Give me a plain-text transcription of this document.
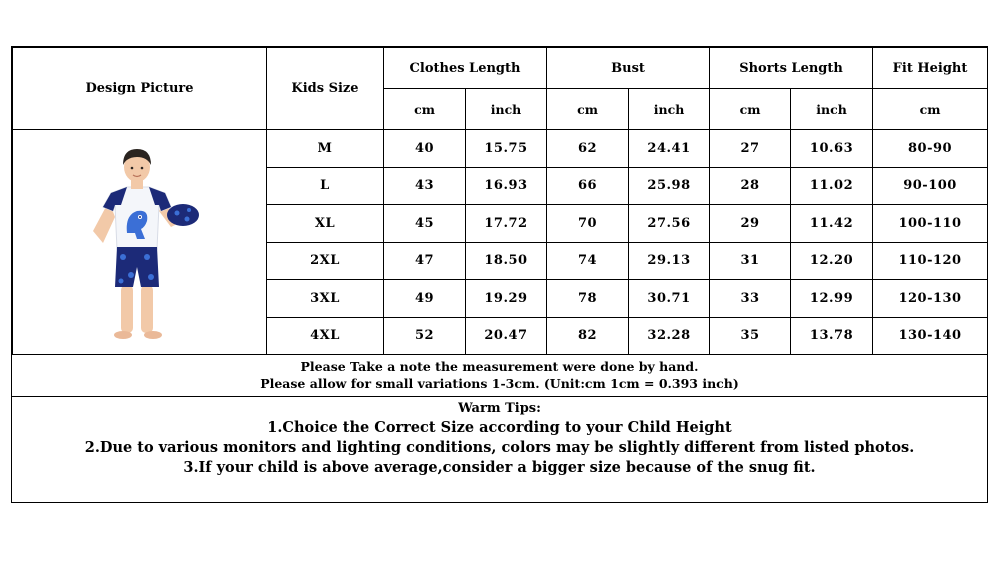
Design Picture	Kids Size	Clothes Length		Bust		Shorts Length		Fit Height
		cm	inch	cm	inch	cm	inch	cm

	M	40	15.75	62	24.41	27	10.63	80-90
	L	43	16.93	66	25.98	28	11.02	90-100
	XL	45	17.72	70	27.56	29	11.42	100-110
	2XL	47	18.50	74	29.13	31	12.20	110-120
	3XL	49	19.29	78	30.71	33	12.99	120-130
	4XL	52	20.47	82	32.28	35	13.78	130-140
Please Take a note the measurement were done by hand.
Please allow for small variations 1-3cm. (Unit:cm 1cm = 0.393 inch)
Warm Tips:
1.Choice the Correct Size according to your Child Height
2.Due to various monitors and lighting conditions, colors may be slightly different from listed photos.
3.If your child is above average,consider a bigger size because of the snug fit.
